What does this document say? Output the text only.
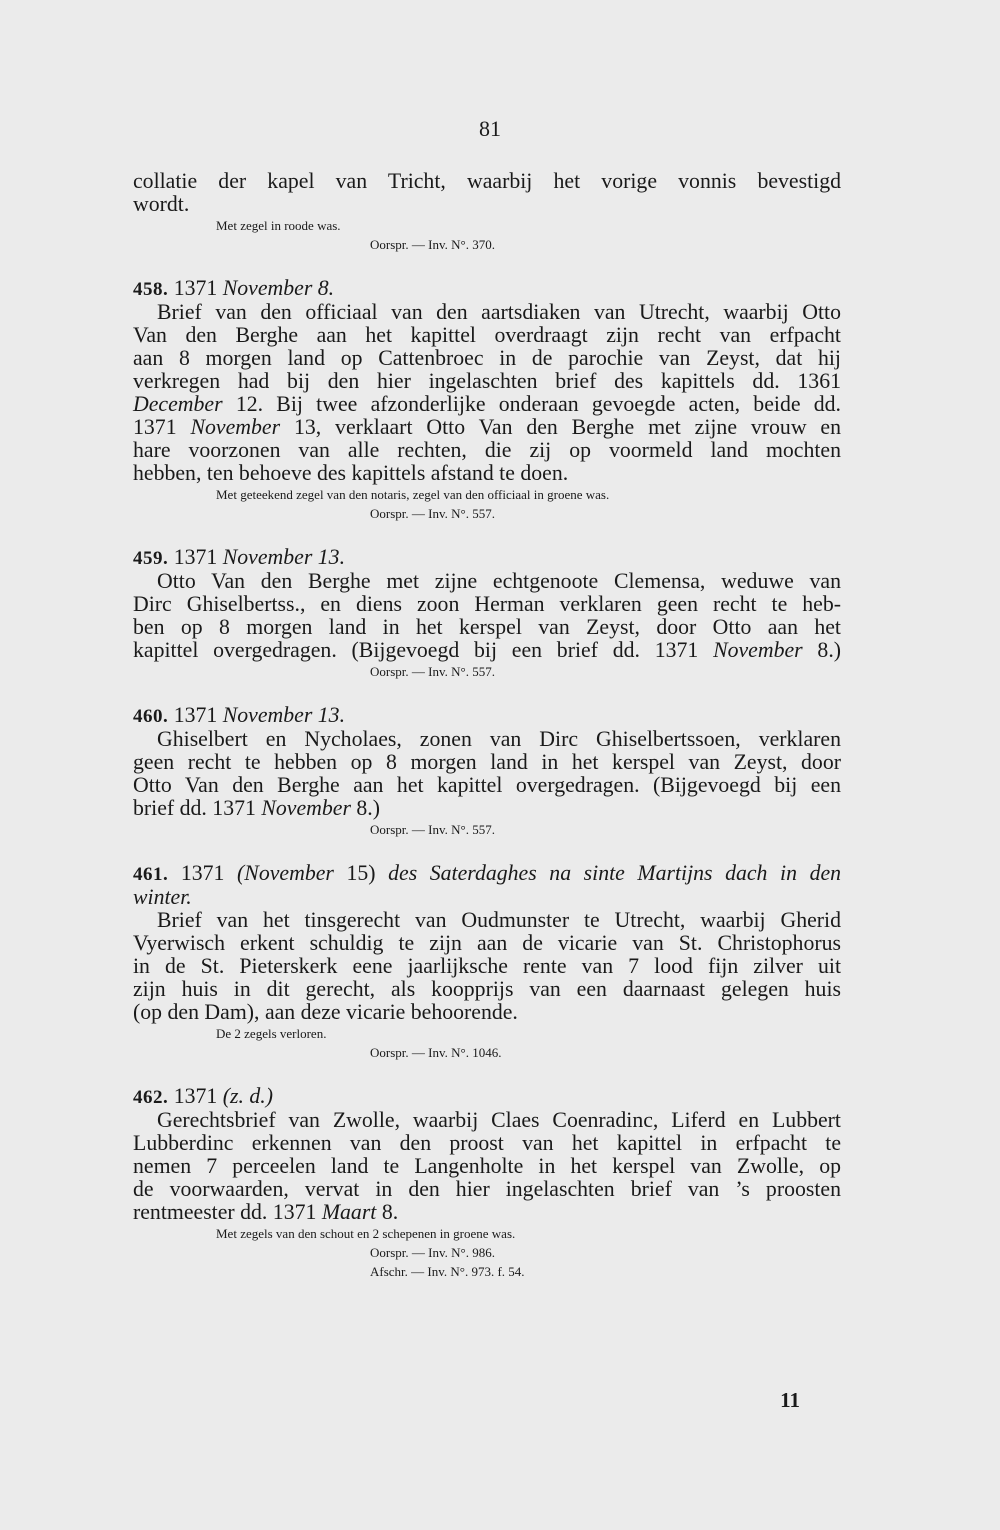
81
collatie der kapel van Tricht, waarbij het vorige vonnis bevestigd
wordt.
Met zegel in roode was.
Oorspr. — Inv. N°. 370.
458. 1371 November 8.
Brief van den officiaal van den aartsdiaken van Utrecht, waarbij Otto
Van den Berghe aan het kapittel overdraagt zijn recht van erfpacht
aan 8 morgen land op Cattenbroec in de parochie van Zeyst, dat hij
verkregen had bij den hier ingelaschten brief des kapittels dd. 1361
December 12. Bij twee afzonderlijke onderaan gevoegde acten, beide dd.
1371 November 13, verklaart Otto Van den Berghe met zijne vrouw en
hare voorzonen van alle rechten, die zij op voormeld land mochten
hebben, ten behoeve des kapittels afstand te doen.
Met geteekend zegel van den notaris, zegel van den officiaal in groene was.
Oorspr. — Inv. N°. 557.
459. 1371 November 13.
Otto Van den Berghe met zijne echtgenoote Clemensa, weduwe van
Dirc Ghiselbertss., en diens zoon Herman verklaren geen recht te heb-
ben op 8 morgen land in het kerspel van Zeyst, door Otto aan het
kapittel overgedragen. (Bijgevoegd bij een brief dd. 1371 November 8.)
Oorspr. — Inv. N°. 557.
460. 1371 November 13.
Ghiselbert en Nycholaes, zonen van Dirc Ghiselbertssoen, verklaren
geen recht te hebben op 8 morgen land in het kerspel van Zeyst, door
Otto Van den Berghe aan het kapittel overgedragen. (Bijgevoegd bij een
brief dd. 1371 November 8.)
Oorspr. — Inv. N°. 557.
461. 1371 (November 15) des Saterdaghes na sinte Martijns dach in den
winter.
Brief van het tinsgerecht van Oudmunster te Utrecht, waarbij Gherid
Vyerwisch erkent schuldig te zijn aan de vicarie van St. Christophorus
in de St. Pieterskerk eene jaarlijksche rente van 7 lood fijn zilver uit
zijn huis in dit gerecht, als koopprijs van een daarnaast gelegen huis
(op den Dam), aan deze vicarie behoorende.
De 2 zegels verloren.
Oorspr. — Inv. N°. 1046.
462. 1371 (z. d.)
Gerechtsbrief van Zwolle, waarbij Claes Coenradinc, Liferd en Lubbert
Lubberdinc erkennen van den proost van het kapittel in erfpacht te
nemen 7 perceelen land te Langenholte in het kerspel van Zwolle, op
de voorwaarden, vervat in den hier ingelaschten brief van ’s proosten
rentmeester dd. 1371 Maart 8.
Met zegels van den schout en 2 schepenen in groene was.
Oorspr. — Inv. N°. 986.
Afschr. — Inv. N°. 973. f. 54.
11
